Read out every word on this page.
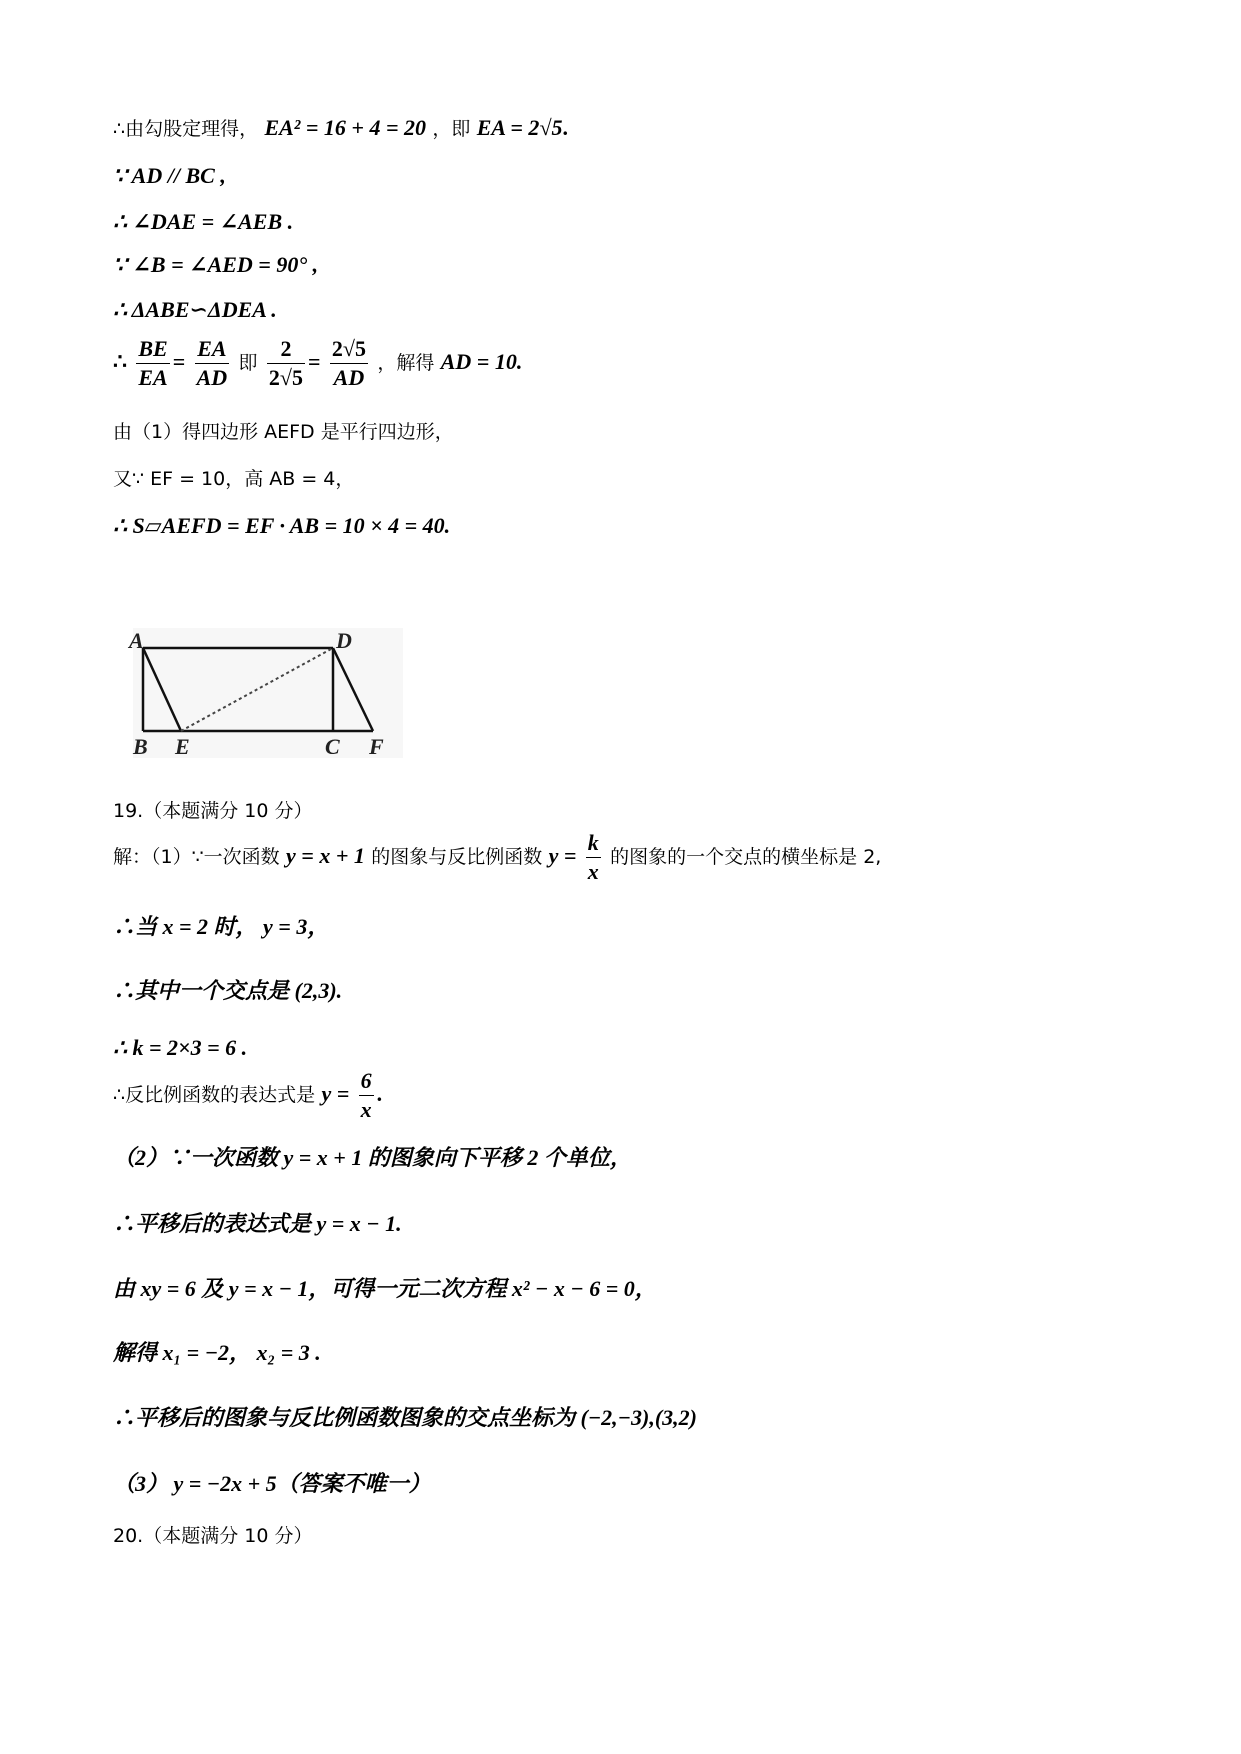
∴由勾股定理得， EA² = 16 + 4 = 20 ，即 EA = 2√5.
∵ AD // BC ,
∴ ∠DAE = ∠AEB .
∵ ∠B = ∠AED = 90° ,
∴ ΔABE∽ΔDEA .
∴ $\frac{BE}{EA} = \frac{EA}{AD}$ 即 $\frac{2}{2√5} = \frac{2√5}{AD}$ ，解得 AD = 10.
由（1）得四边形 AEFD 是平行四边形，
又∵ EF = 10，高 AB = 4，
∴ S▱AEFD = EF · AB = 10 × 4 = 40.
A	D
B E	C F
19.（本题满分 10 分）
解：（1）∵一次函数 y = x + 1 的图象与反比例函数 $y = \frac{k}{x}$ 的图象的一个交点的横坐标是 2,
∴当 x = 2 时， y = 3，
∴其中一个交点是 (2,3).
∴ k = 2×3 = 6 .
∴反比例函数的表达式是 $y = \frac{6}{x}$ .
（2）∵一次函数 y = x + 1 的图象向下平移 2 个单位，
∴平移后的表达式是 y = x − 1.
由 xy = 6 及 y = x − 1，可得一元二次方程 x² − x − 6 = 0，
解得 x₁ = −2， x₂ = 3 .
∴平移后的图象与反比例函数图象的交点坐标为 (−2,−3),(3,2)
（3） y = −2x + 5（答案不唯一）
20.（本题满分 10 分）
